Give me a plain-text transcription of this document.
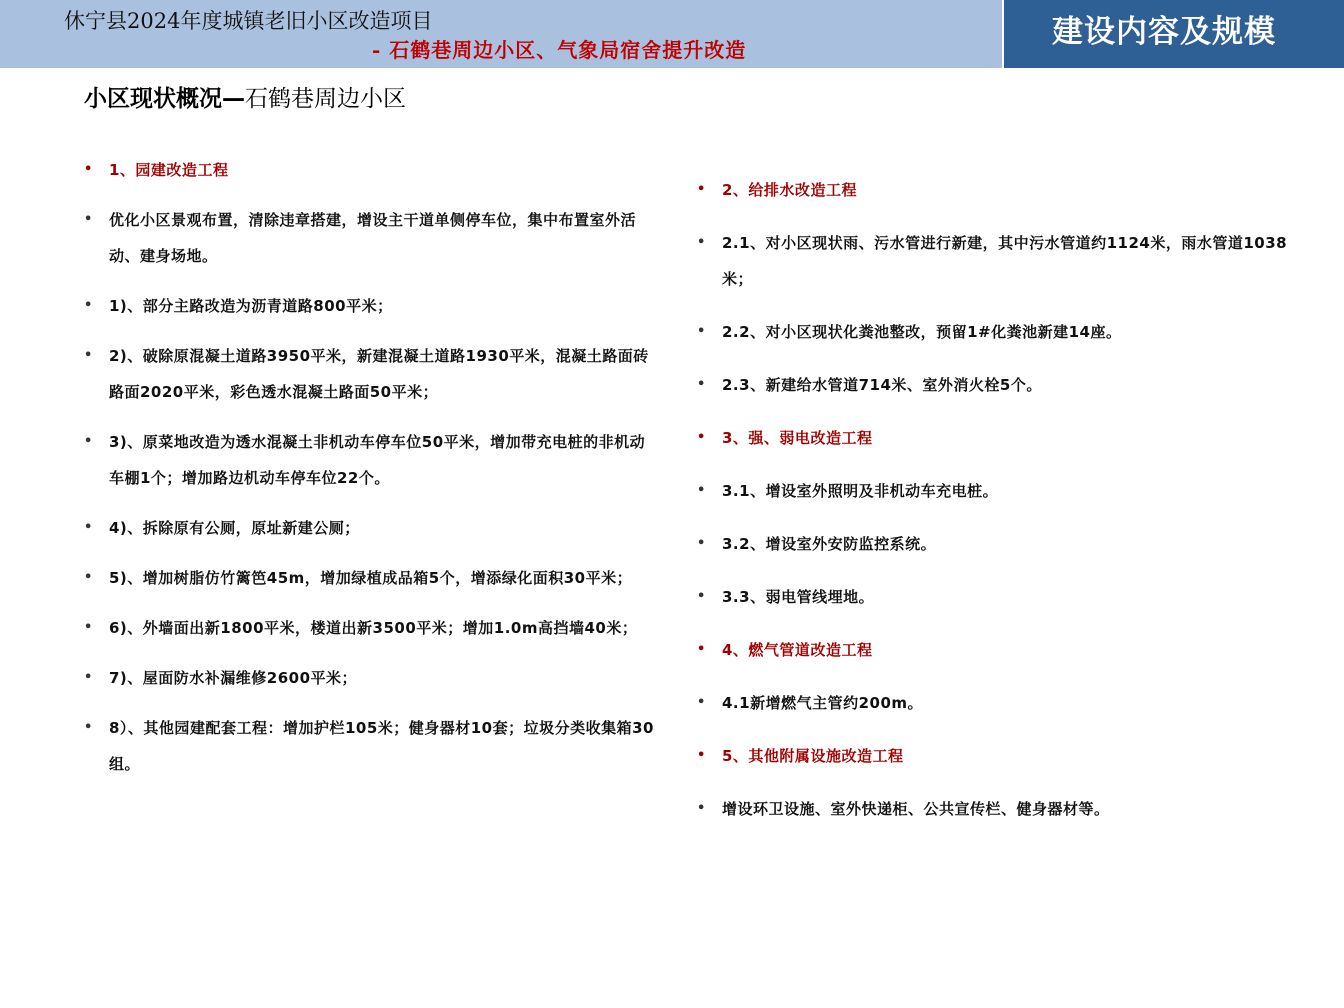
休宁县2024年度城镇老旧小区改造项目
- 石鹤巷周边小区、气象局宿舍提升改造	建设内容及规模
小区现状概况—石鹤巷周边小区
• 1、园建改造工程
• 优化小区景观布置，清除违章搭建，增设主干道单侧停车位，集中布置室外活动、建身场地。
• 1)、部分主路改造为沥青道路800平米；
• 2)、破除原混凝土道路3950平米，新建混凝土道路1930平米，混凝土路面砖路面2020平米，彩色透水混凝土路面50平米；
• 3)、原菜地改造为透水混凝土非机动车停车位50平米，增加带充电桩的非机动车棚1个；增加路边机动车停车位22个。
• 4)、拆除原有公厕，原址新建公厕；
• 5)、增加树脂仿竹篱笆45m，增加绿植成品箱5个，增添绿化面积30平米；
• 6)、外墙面出新1800平米，楼道出新3500平米；增加1.0m高挡墙40米；
• 7)、屋面防水补漏维修2600平米；
• 8）、其他园建配套工程：增加护栏105米；健身器材10套；垃圾分类收集箱30组。
• 2、给排水改造工程
• 2.1、对小区现状雨、污水管进行新建，其中污水管道约1124米，雨水管道1038米；
• 2.2、对小区现状化粪池整改，预留1#化粪池新建14座。
• 2.3、新建给水管道714米、室外消火栓5个。
• 3、强、弱电改造工程
• 3.1、增设室外照明及非机动车充电桩。
• 3.2、增设室外安防监控系统。
• 3.3、弱电管线埋地。
• 4、燃气管道改造工程
• 4.1新增燃气主管约200m。
• 5、其他附属设施改造工程
• 增设环卫设施、室外快递柜、公共宣传栏、健身器材等。
